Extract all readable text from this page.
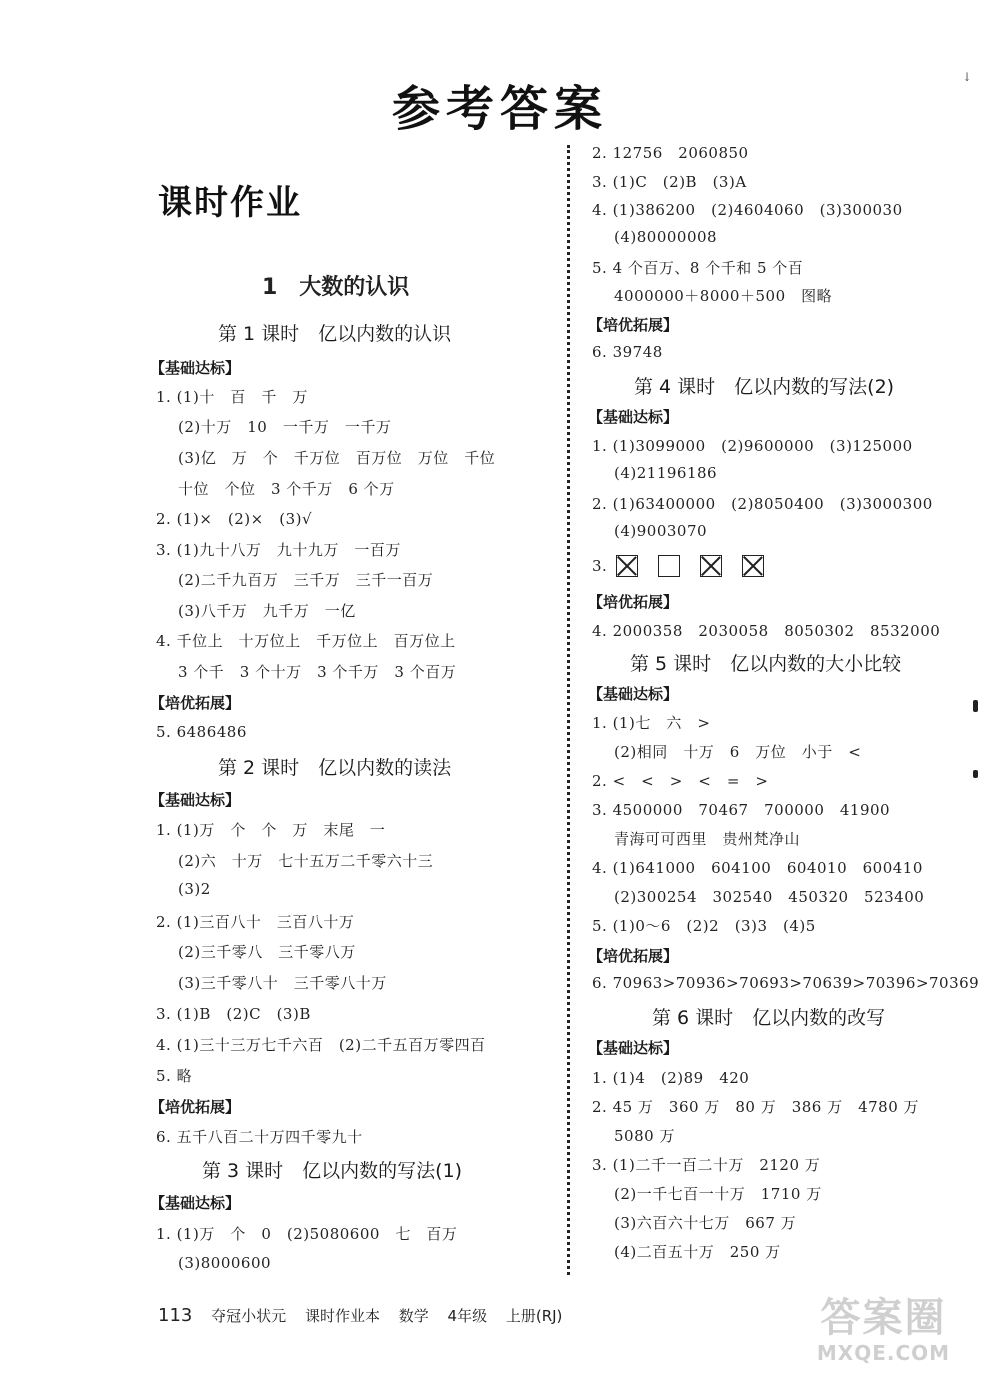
参考答案
↓
课时作业
1　大数的认识
第 1 课时　亿以内数的认识
【基础达标】
1. (1)十　百　千　万
(2)十万　10　一千万　一千万
(3)亿　万　个　千万位　百万位　万位　千位
十位　个位　3 个千万　6 个万
2. (1)×　(2)×　(3)√
3. (1)九十八万　九十九万　一百万
(2)二千九百万　三千万　三千一百万
(3)八千万　九千万　一亿
4. 千位上　十万位上　千万位上　百万位上
3 个千　3 个十万　3 个千万　3 个百万
【培优拓展】
5. 6486486
第 2 课时　亿以内数的读法
【基础达标】
1. (1)万　个　个　万　末尾　一
(2)六　十万　七十五万二千零六十三
(3)2
2. (1)三百八十　三百八十万
(2)三千零八　三千零八万
(3)三千零八十　三千零八十万
3. (1)B　(2)C　(3)B
4. (1)三十三万七千六百　(2)二千五百万零四百
5. 略
【培优拓展】
6. 五千八百二十万四千零九十
第 3 课时　亿以内数的写法(1)
【基础达标】
1. (1)万　个　0　(2)5080600　七　百万
(3)8000600
2. 12756　2060850
3. (1)C　(2)B　(3)A
4. (1)386200　(2)4604060　(3)300030
(4)80000008
5. 4 个百万、8 个千和 5 个百
4000000＋8000＋500　图略
【培优拓展】
6. 39748
第 4 课时　亿以内数的写法(2)
【基础达标】
1. (1)3099000　(2)9600000　(3)125000
(4)21196186
2. (1)63400000　(2)8050400　(3)3000300
(4)9003070
3.
【培优拓展】
4. 2000358　2030058　8050302　8532000
第 5 课时　亿以内数的大小比较
【基础达标】
1. (1)七　六　>
(2)相同　十万　6　万位　小于　<
2. <　<　>　<　=　>
3. 4500000　70467　700000　41900
青海可可西里　贵州梵净山
4. (1)641000　604100　604010　600410
(2)300254　302540　450320　523400
5. (1)0～6　(2)2　(3)3　(4)5
【培优拓展】
6. 70963>70936>70693>70639>70396>70369
第 6 课时　亿以内数的改写
【基础达标】
1. (1)4　(2)89　420
2. 45 万　360 万　80 万　386 万　4780 万
5080 万
3. (1)二千一百二十万　2120 万
(2)一千七百一十万　1710 万
(3)六百六十七万　667 万
(4)二百五十万　250 万
113 夺冠小状元 课时作业本 数学 4年级 上册(RJ)	答案圈
MXQE.COM
